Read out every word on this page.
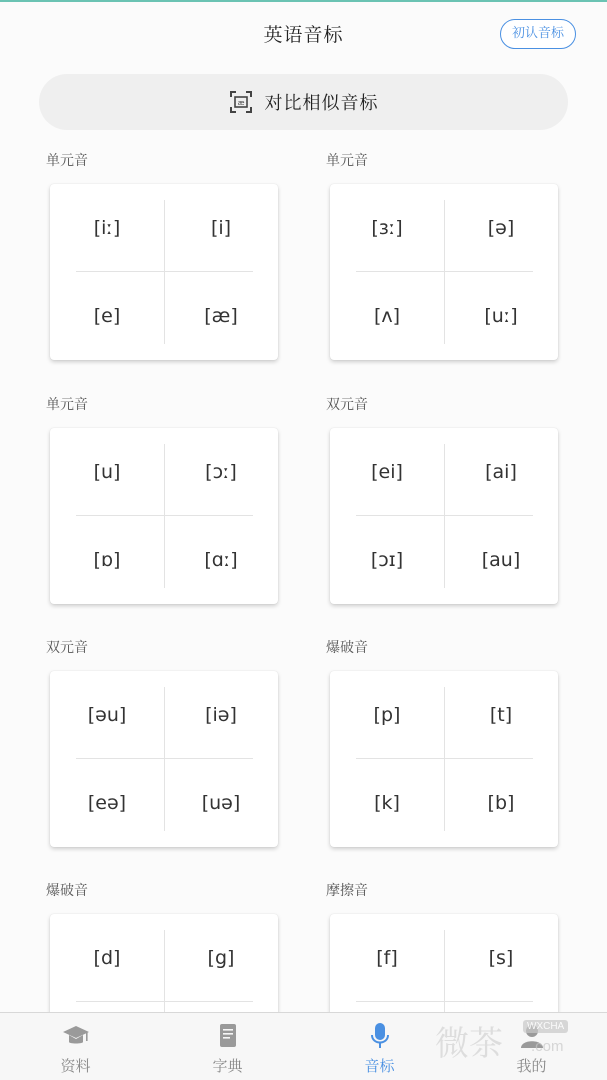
英语音标	初认音标
æ 对比相似音标
单元音
[iː]	[i]
[e]	[æ]
单元音
[ɜː]	[ə]
[ʌ]	[uː]
单元音
[u]	[ɔː]
[ɒ]	[ɑː]
双元音
[ei]	[ai]
[ɔɪ]	[au]
双元音
[əu]	[iə]
[eə]	[uə]
爆破音
[p]	[t]
[k]	[b]
爆破音
[d]	[g]
摩擦音
[f]	[s]
资料	字典	音标	我的
微茶	WXCHA
.com
